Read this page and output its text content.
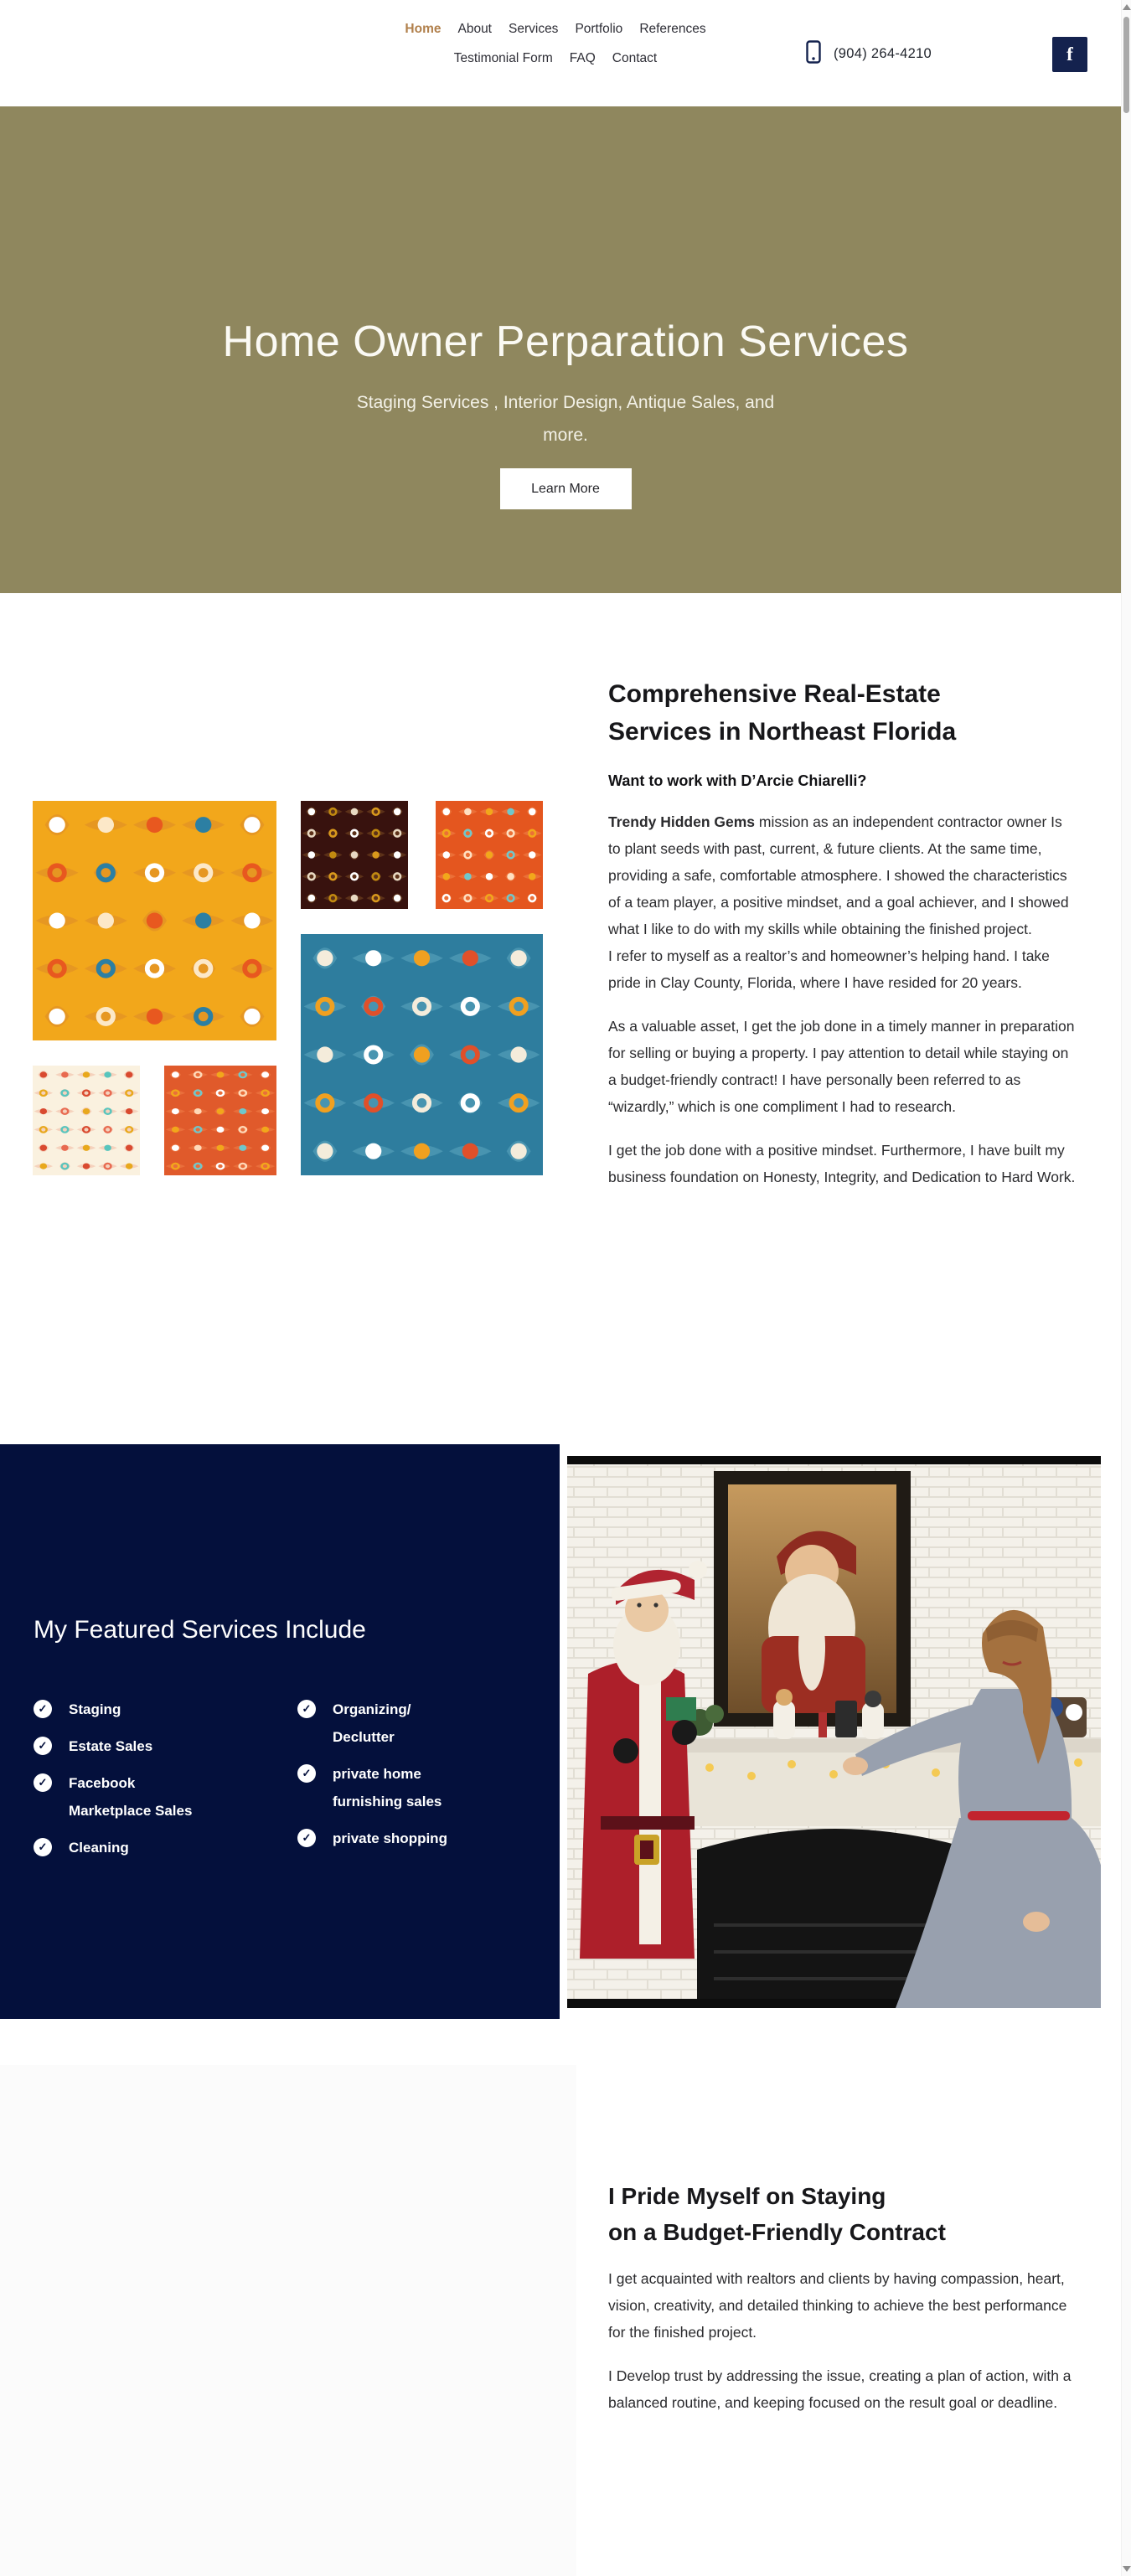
Home About Services Portfolio References
Testimonial Form FAQ Contact	(904) 264-4210	f
Home Owner Perparation Services
Staging Services , Interior Design, Antique Sales, and
more.
Learn More
Comprehensive Real-Estate
Services in Northeast Florida
Want to work with D’Arcie Chiarelli?

Trendy Hidden Gems mission as an independent contractor owner Is to plant seeds with past, current, & future clients. At the same time, providing a safe, comfortable atmosphere. I showed the characteristics of a team player, a positive mindset, and a goal achiever, and I showed what I like to do with my skills while obtaining the finished project.
I refer to myself as a realtor’s and homeowner’s helping hand. I take pride in Clay County, Florida, where I have resided for 20 years.

As a valuable asset, I get the job done in a timely manner in preparation for selling or buying a property. I pay attention to detail while staying on a budget-friendly contract! I have personally been referred to as “wizardly,” which is one compliment I had to research.

I get the job done with a positive mindset. Furthermore, I have built my business foundation on Honesty, Integrity, and Dedication to Hard Work.

My Featured Services Include
✓	Staging
✓	Estate Sales
✓	Facebook Marketplace Sales
✓	Cleaning
✓	Organizing/ Declutter
✓	private home furnishing sales
✓	private shopping
I Pride Myself on Staying
on a Budget-Friendly Contract

I get acquainted with realtors and clients by having compassion, heart, vision, creativity, and detailed thinking to achieve the best performance for the finished project.

I Develop trust by addressing the issue, creating a plan of action, with a balanced routine, and keeping focused on the result goal or deadline.
